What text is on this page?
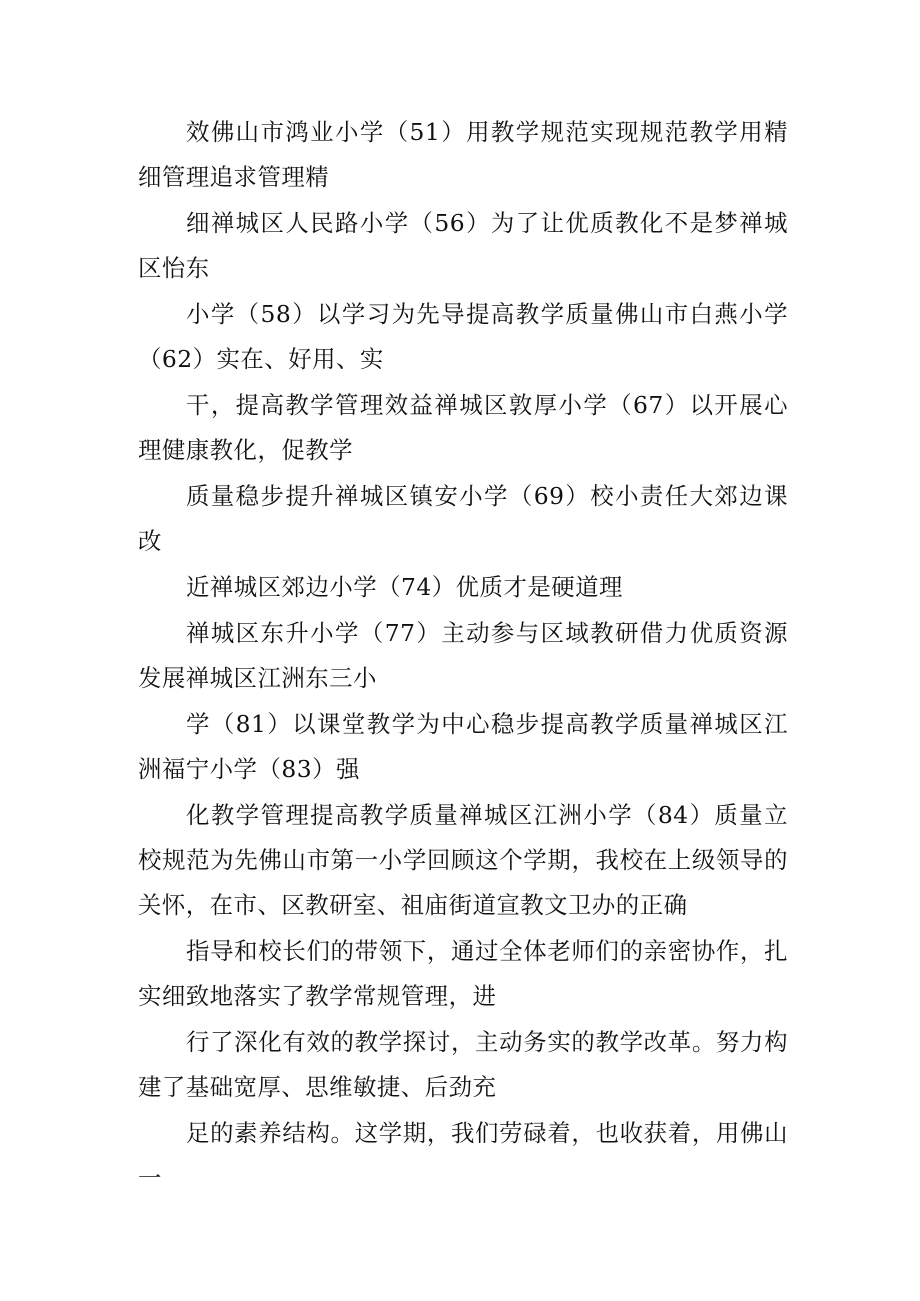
效佛山市鸿业小学（51）用教学规范实现规范教学用精细管理追求管理精

细禅城区人民路小学（56）为了让优质教化不是梦禅城区怡东

小学（58）以学习为先导提高教学质量佛山市白燕小学（62）实在、好用、实

干，提高教学管理效益禅城区敦厚小学（67）以开展心理健康教化，促教学

质量稳步提升禅城区镇安小学（69）校小责任大郊边课改

近禅城区郊边小学（74）优质才是硬道理

禅城区东升小学（77）主动参与区域教研借力优质资源发展禅城区江洲东三小

学（81）以课堂教学为中心稳步提高教学质量禅城区江洲福宁小学（83）强

化教学管理提高教学质量禅城区江洲小学（84）质量立校规范为先佛山市第一小学回顾这个学期，我校在上级领导的关怀，在市、区教研室、祖庙街道宣教文卫办的正确

指导和校长们的带领下，通过全体老师们的亲密协作，扎实细致地落实了教学常规管理，进

行了深化有效的教学探讨，主动务实的教学改革。努力构建了基础宽厚、思维敏捷、后劲充

足的素养结构。这学期，我们劳碌着，也收获着，用佛山一
